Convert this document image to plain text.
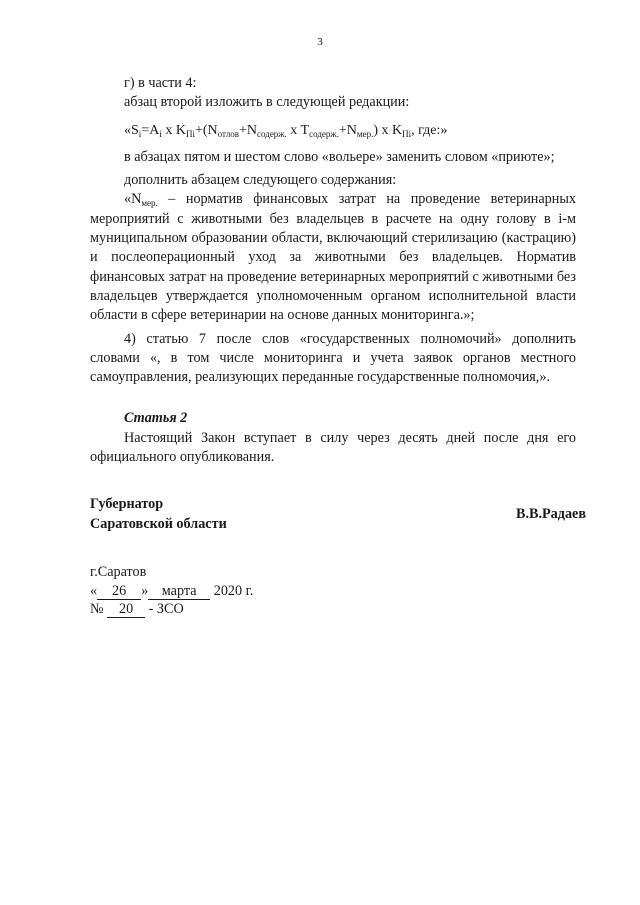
3

г) в части 4:

абзац второй изложить в следующей редакции:

«$S_i=A_i$ x $K_{Пi}+(N_{отлов}+N_{содерж.}$ x $T_{содерж.}+N_{мер.}$) x $K_{Пi}$, где:»

в абзацах пятом и шестом слово «вольере» заменить словом «приюте»;

дополнить абзацем следующего содержания:

«$N_{мер.}$ – норматив финансовых затрат на проведение ветеринарных мероприятий с животными без владельцев в расчете на одну голову в i-м муниципальном образовании области, включающий стерилизацию (кастрацию) и послеоперационный уход за животными без владельцев. Норматив финансовых затрат на проведение ветеринарных мероприятий с животными без владельцев утверждается уполномоченным органом исполнительной власти области в сфере ветеринарии на основе данных мониторинга.»;

4) статью 7 после слов «государственных полномочий» дополнить словами «, в том числе мониторинга и учета заявок органов местного самоуправления, реализующих переданные государственные полномочия,».

Статья 2

Настоящий Закон вступает в силу через десять дней после дня его официального опубликования.

Губернатор
Саратовской области
В.В.Радаев
г.Саратов
« 26 » марта 2020 г.
№ 20 - ЗСО
